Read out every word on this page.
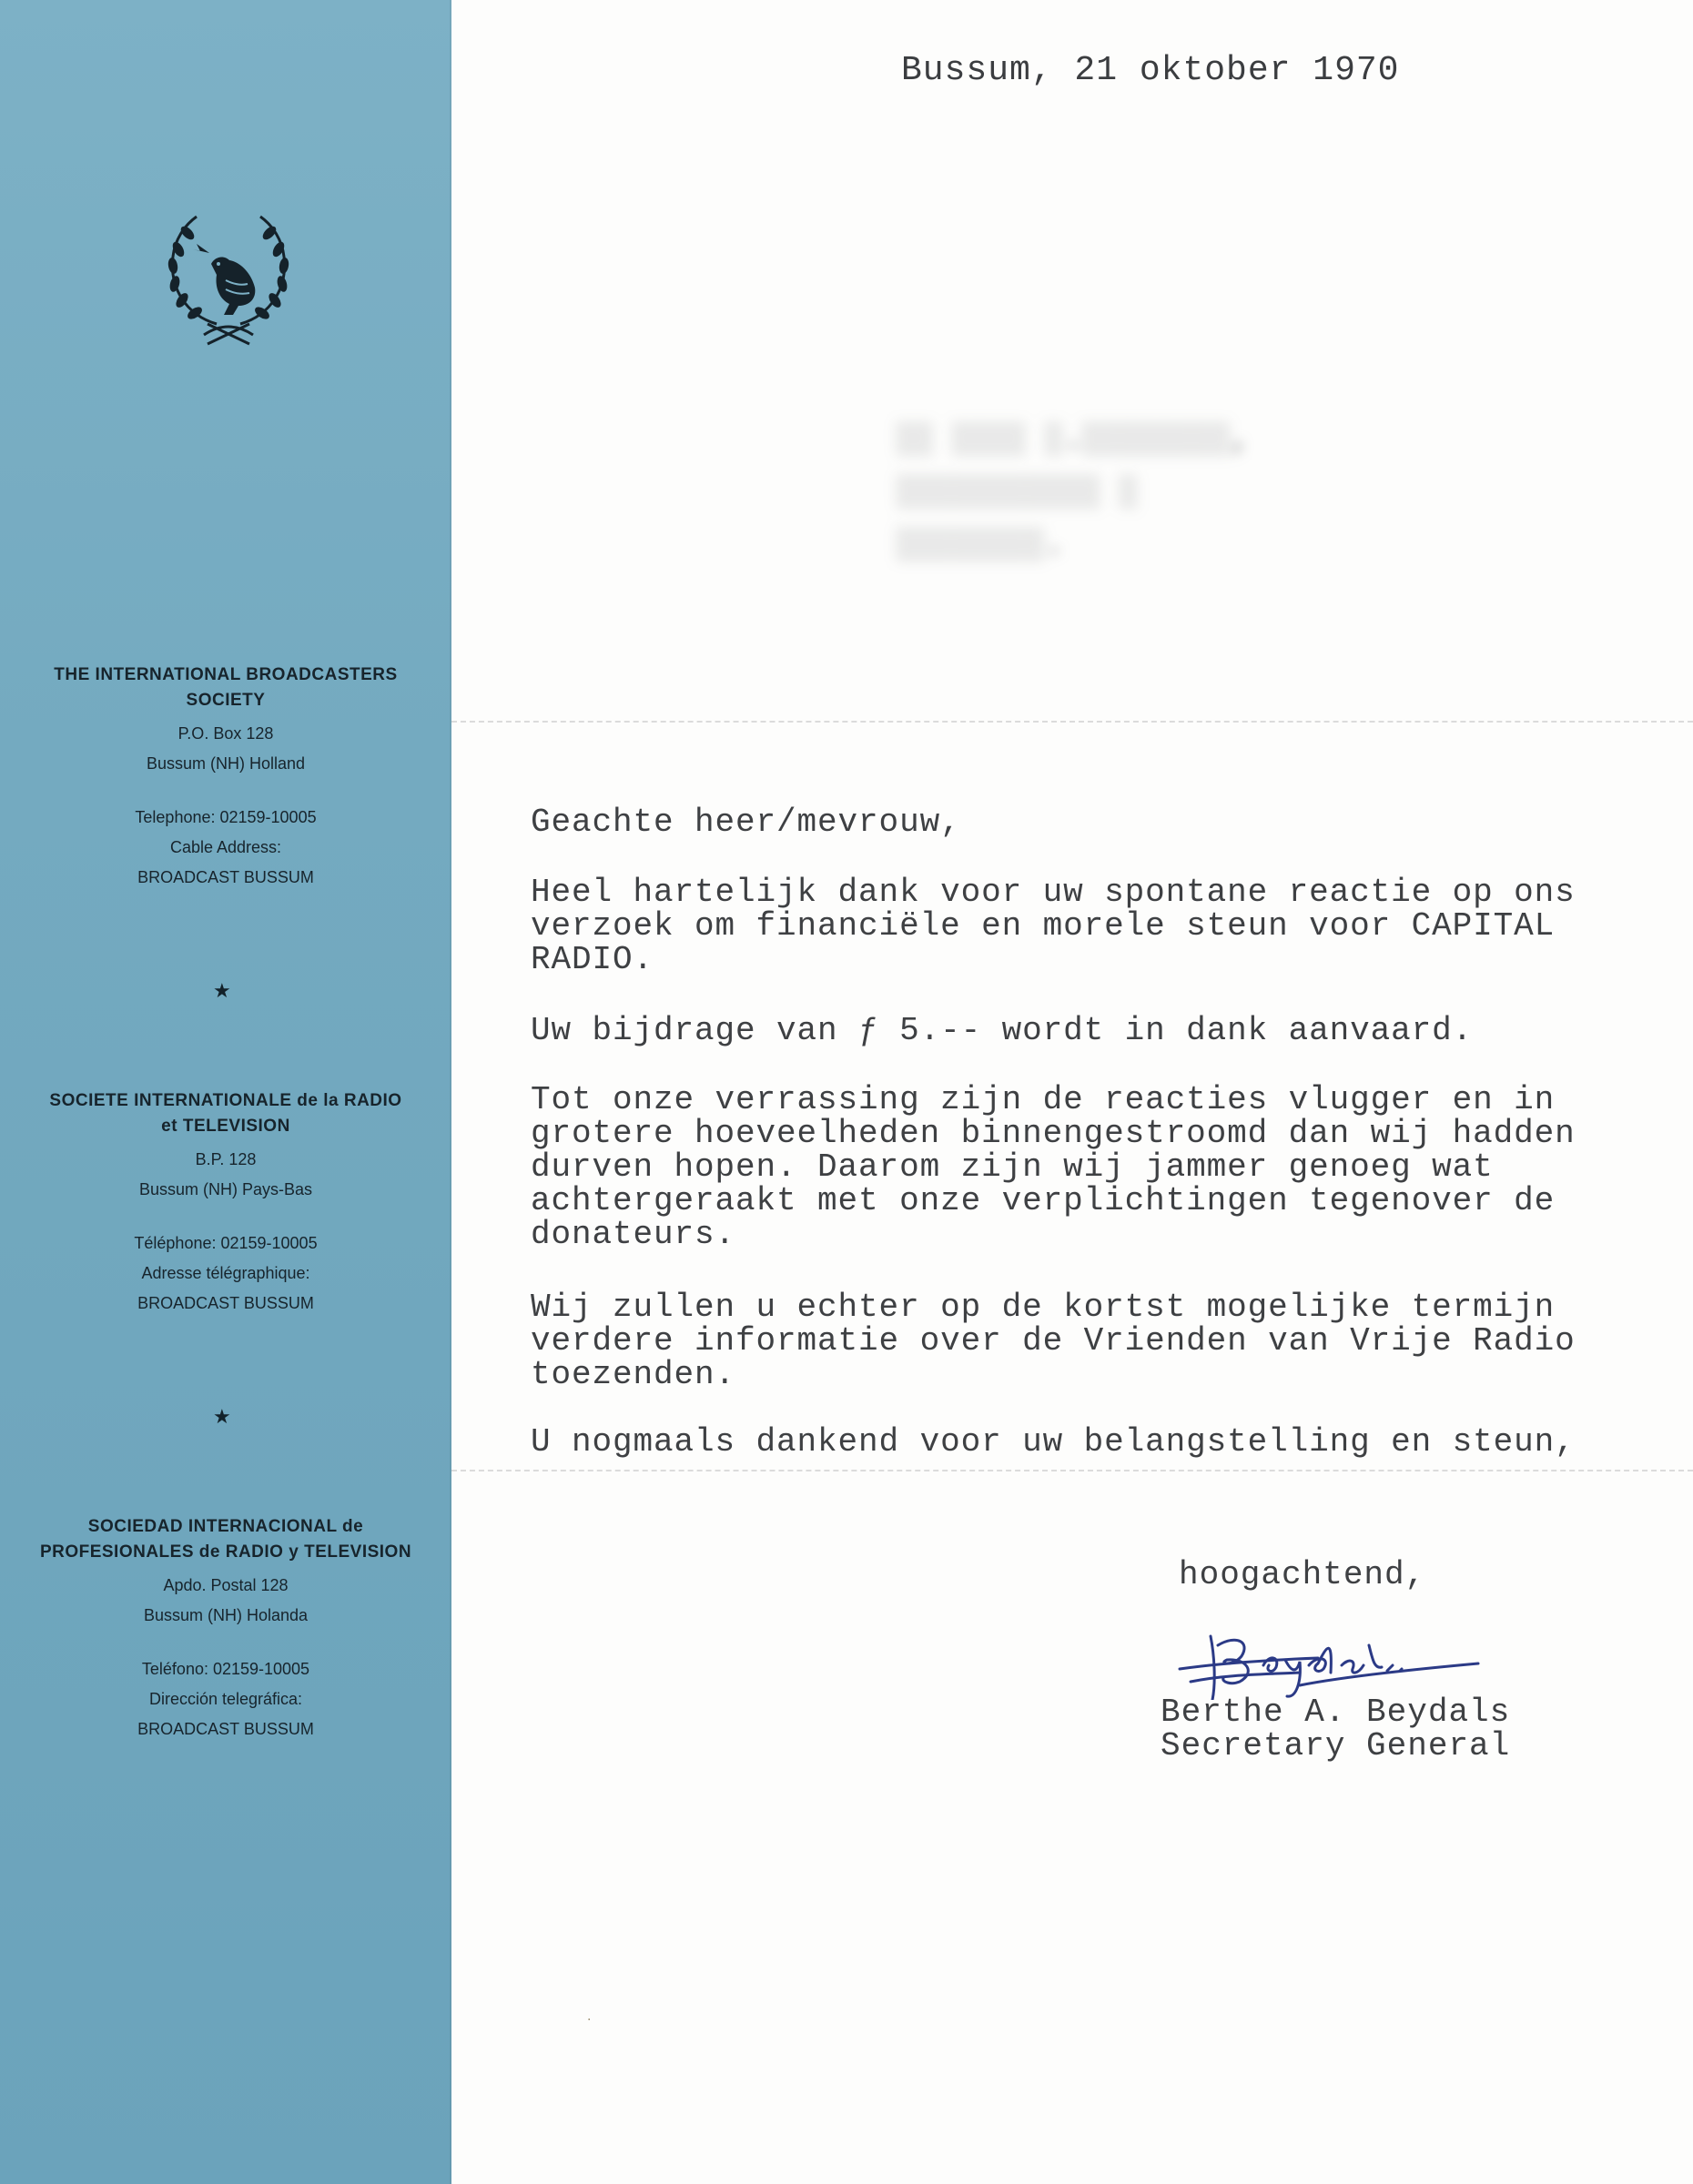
THE INTERNATIONAL BROADCASTERS
SOCIETY
P.O. Box 128
Bussum (NH) Holland
Telephone: 02159-10005
Cable Address:
BROADCAST BUSSUM
★
SOCIETE INTERNATIONALE de la RADIO
et TELEVISION
B.P. 128
Bussum (NH) Pays-Bas
Téléphone: 02159-10005
Adresse télégraphique:
BROADCAST BUSSUM
★
SOCIEDAD INTERNACIONAL de
PROFESIONALES de RADIO y TELEVISION
Apdo. Postal 128
Bussum (NH) Holanda
Teléfono: 02159-10005
Dirección telegráfica:
BROADCAST BUSSUM
Bussum, 21 oktober 1970
░░ ░░░░ ░.░░░░░░░░,
░░░░░░░░░░░ ░
░░░░░░░░.
Geachte heer/mevrouw,

Heel hartelijk dank voor uw spontane reactie op ons

verzoek om financiële en morele steun voor CAPITAL

RADIO.

Uw bijdrage van ƒ 5.-- wordt in dank aanvaard.

Tot onze verrassing zijn de reacties vlugger en in

grotere hoeveelheden binnengestroomd dan wij hadden

durven hopen. Daarom zijn wij jammer genoeg wat

achtergeraakt met onze verplichtingen tegenover de

donateurs.

Wij zullen u echter op de kortst mogelijke termijn

verdere informatie over de Vrienden van Vrije Radio

toezenden.

U nogmaals dankend voor uw belangstelling en steun,
hoogachtend,
Berthe A. Beydals
Secretary General
·
